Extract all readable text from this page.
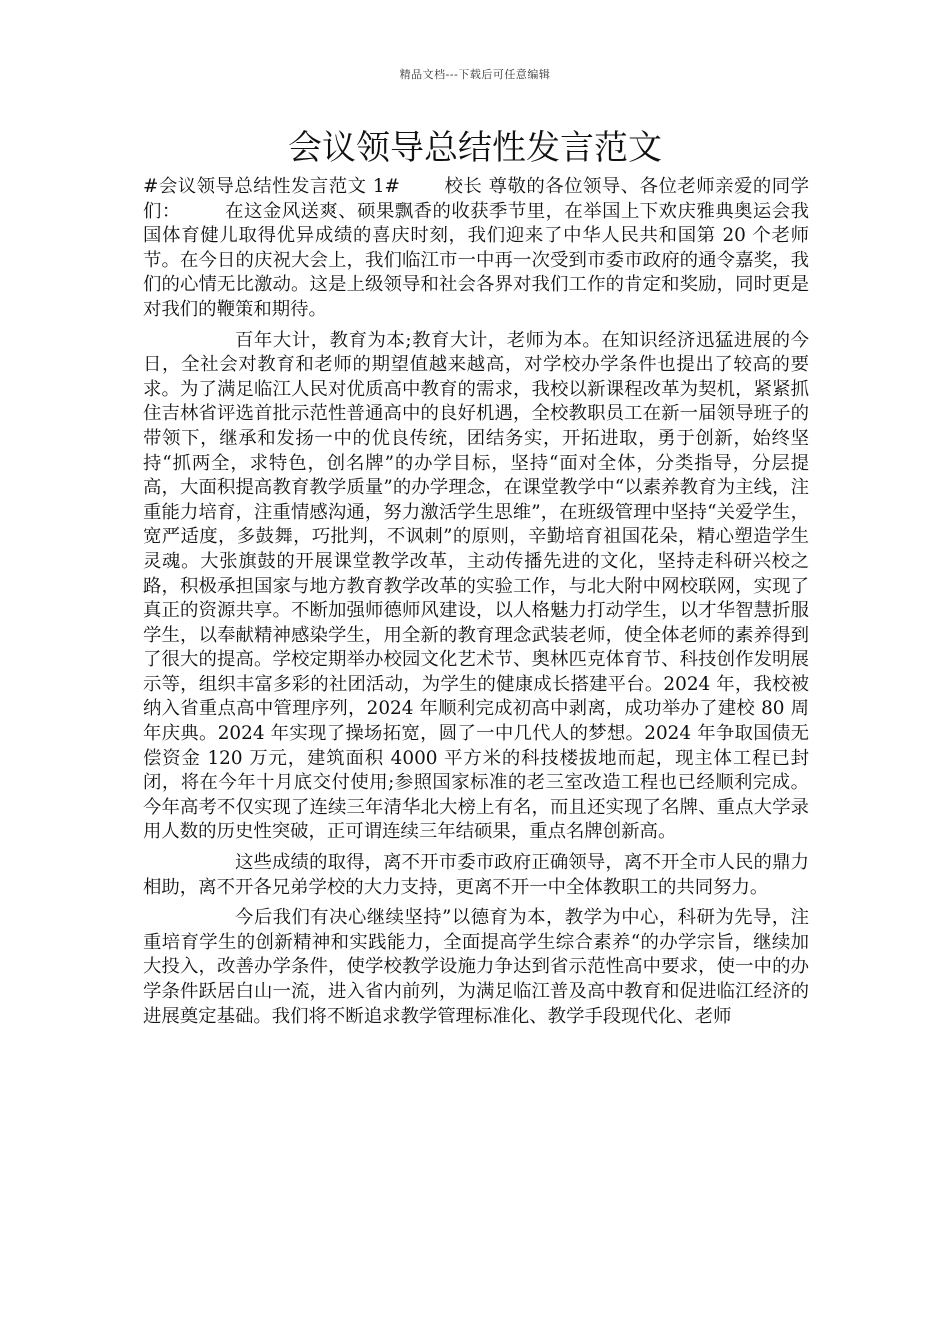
精品文档---下载后可任意编辑
会议领导总结性发言范文

#会议领导总结性发言范文 1# 校长 尊敬的各位领导、各位老师亲爱的同学们： 在这金风送爽、硕果飘香的收获季节里，在举国上下欢庆雅典奥运会我国体育健儿取得优异成绩的喜庆时刻，我们迎来了中华人民共和国第 20 个老师节。在今日的庆祝大会上，我们临江市一中再一次受到市委市政府的通令嘉奖，我们的心情无比激动。这是上级领导和社会各界对我们工作的肯定和奖励，同时更是对我们的鞭策和期待。

百年大计，教育为本;教育大计，老师为本。在知识经济迅猛进展的今日，全社会对教育和老师的期望值越来越高，对学校办学条件也提出了较高的要求。为了满足临江人民对优质高中教育的需求，我校以新课程改革为契机，紧紧抓住吉林省评选首批示范性普通高中的良好机遇，全校教职员工在新一届领导班子的带领下，继承和发扬一中的优良传统，团结务实，开拓进取，勇于创新，始终坚持“抓两全，求特色，创名牌”的办学目标，坚持“面对全体，分类指导，分层提高，大面积提高教育教学质量”的办学理念，在课堂教学中“以素养教育为主线，注重能力培育，注重情感沟通，努力激活学生思维”，在班级管理中坚持“关爱学生，宽严适度，多鼓舞，巧批判，不讽刺”的原则，辛勤培育祖国花朵，精心塑造学生灵魂。大张旗鼓的开展课堂教学改革，主动传播先进的文化，坚持走科研兴校之路，积极承担国家与地方教育教学改革的实验工作，与北大附中网校联网，实现了真正的资源共享。不断加强师德师风建设，以人格魅力打动学生，以才华智慧折服学生，以奉献精神感染学生，用全新的教育理念武装老师，使全体老师的素养得到了很大的提高。学校定期举办校园文化艺术节、奥林匹克体育节、科技创作发明展示等，组织丰富多彩的社团活动，为学生的健康成长搭建平台。2024 年，我校被纳入省重点高中管理序列，2024 年顺利完成初高中剥离，成功举办了建校 80 周年庆典。2024 年实现了操场拓宽，圆了一中几代人的梦想。2024 年争取国债无偿资金 120 万元，建筑面积 4000 平方米的科技楼拔地而起，现主体工程已封闭，将在今年十月底交付使用;参照国家标准的老三室改造工程也已经顺利完成。今年高考不仅实现了连续三年清华北大榜上有名，而且还实现了名牌、重点大学录用人数的历史性突破，正可谓连续三年结硕果，重点名牌创新高。

这些成绩的取得，离不开市委市政府正确领导，离不开全市人民的鼎力相助，离不开各兄弟学校的大力支持，更离不开一中全体教职工的共同努力。

今后我们有决心继续坚持”以德育为本，教学为中心，科研为先导，注重培育学生的创新精神和实践能力，全面提高学生综合素养“的办学宗旨，继续加大投入，改善办学条件，使学校教学设施力争达到省示范性高中要求，使一中的办学条件跃居白山一流，进入省内前列，为满足临江普及高中教育和促进临江经济的进展奠定基础。我们将不断追求教学管理标准化、教学手段现代化、老师
